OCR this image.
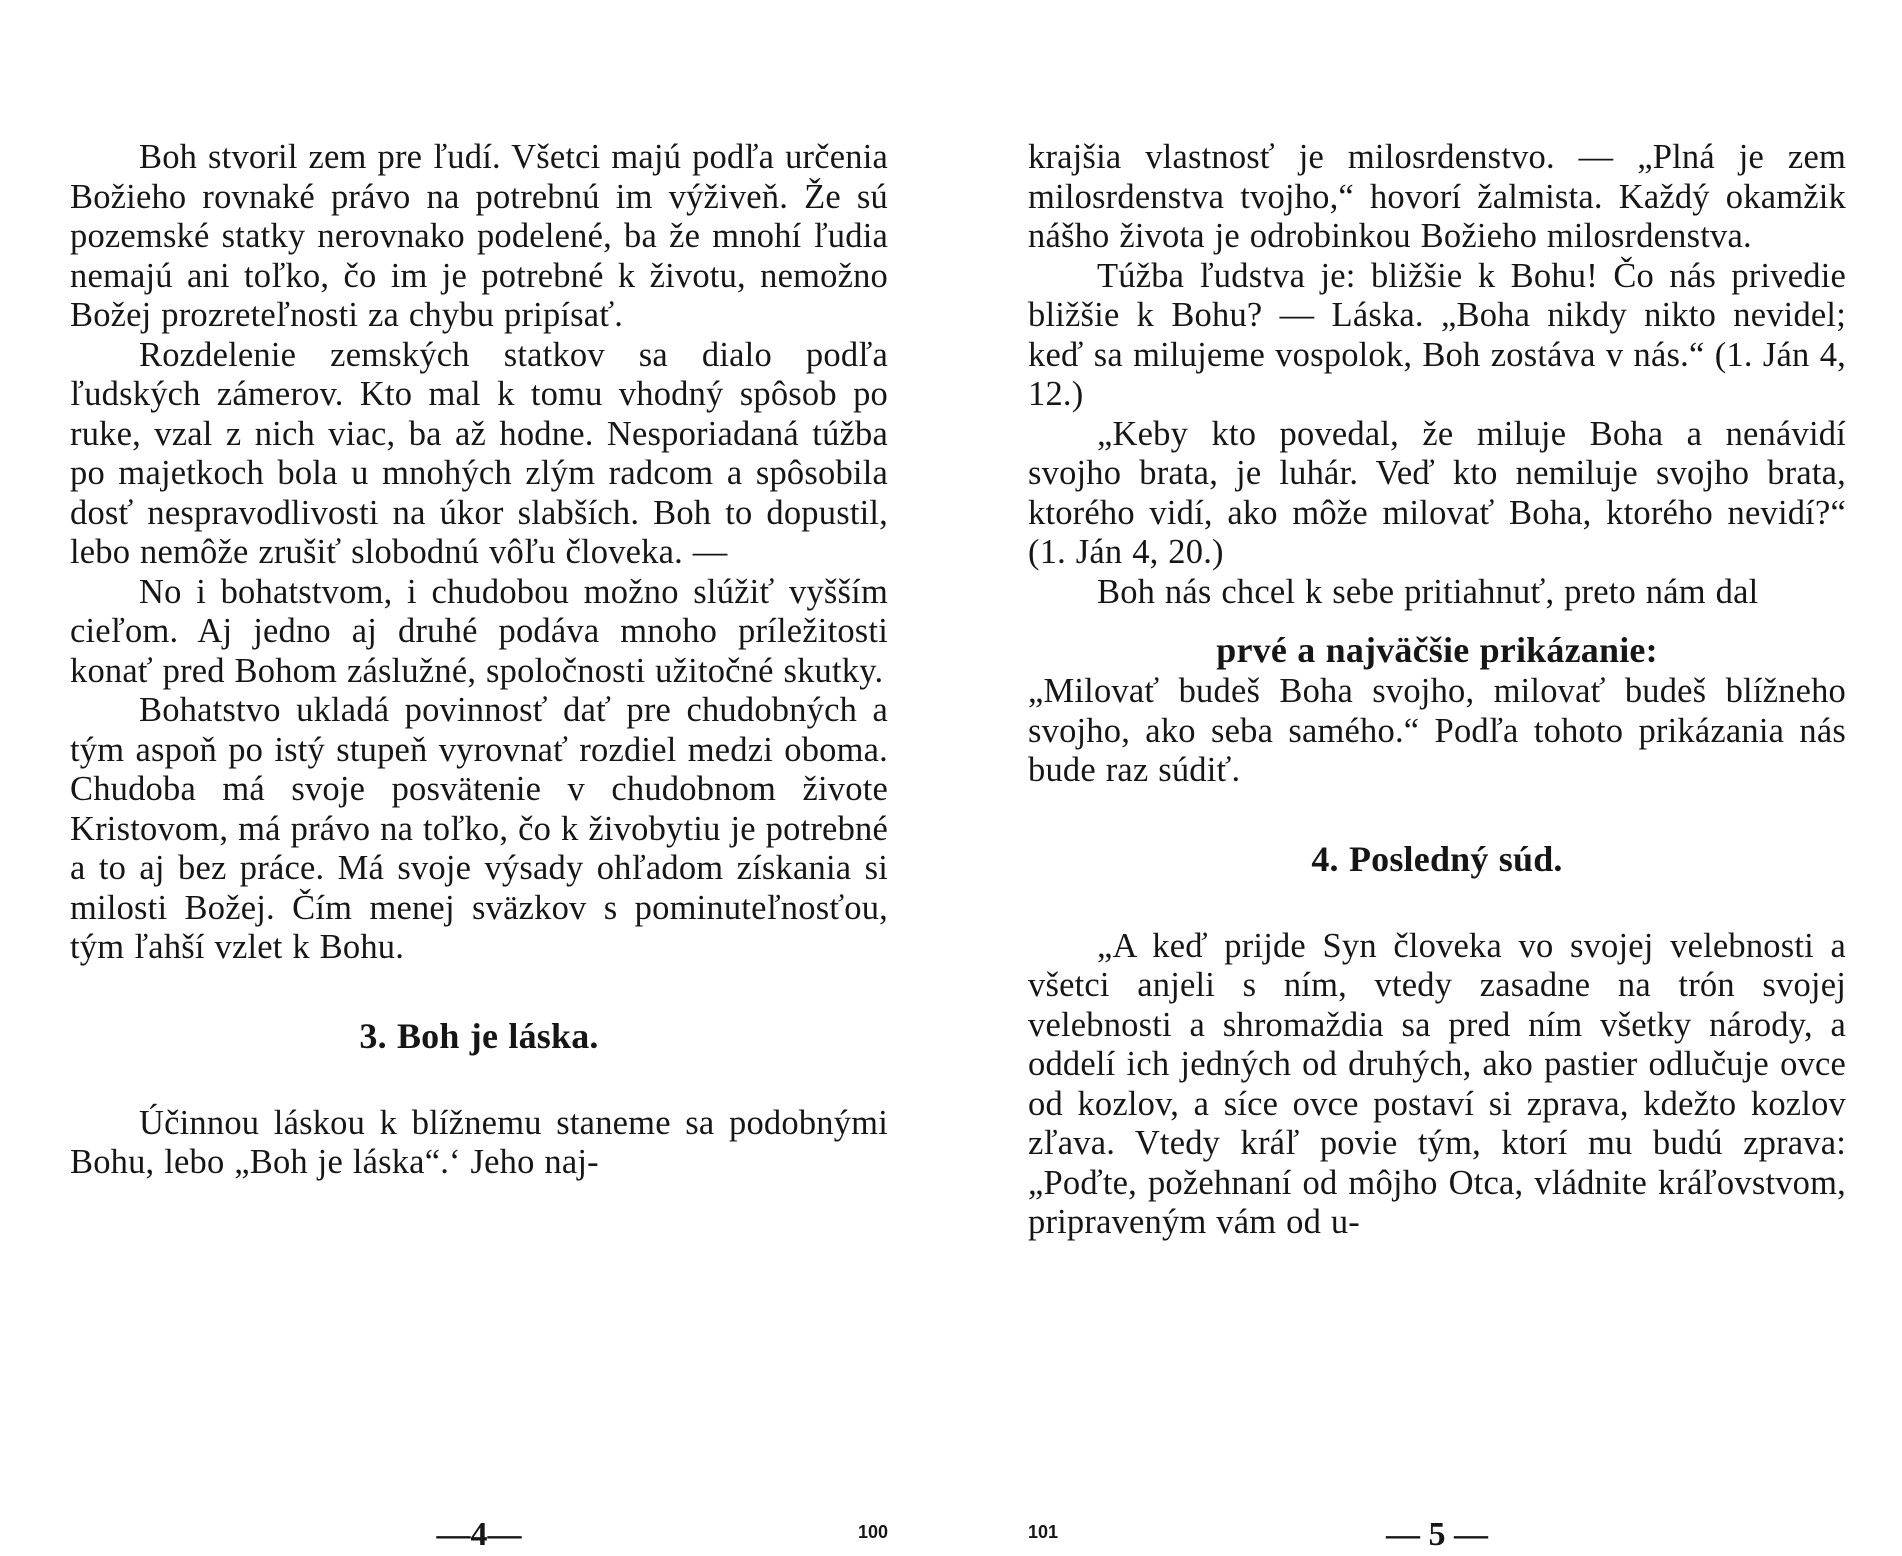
Boh stvoril zem pre ľudí. Všetci majú podľa určenia Božieho rovnaké právo na potrebnú im výživeň. Že sú pozemské statky nerovnako podelené, ba že mnohí ľudia nemajú ani toľko, čo im je potrebné k životu, nemožno Božej prozreteľnosti za chybu pripísať.

Rozdelenie zemských statkov sa dialo podľa ľudských zámerov. Kto mal k tomu vhodný spôsob po ruke, vzal z nich viac, ba až hodne. Nesporiadaná túžba po majetkoch bola u mnohých zlým radcom a spôsobila dosť nespravodlivosti na úkor slabších. Boh to dopustil, lebo nemôže zrušiť slobodnú vôľu človeka. —

No i bohatstvom, i chudobou možno slúžiť vyšším cieľom. Aj jedno aj druhé podáva mnoho príležitosti konať pred Bohom záslužné, spoločnosti užitočné skutky.

Bohatstvo ukladá povinnosť dať pre chudobných a tým aspoň po istý stupeň vyrovnať rozdiel medzi oboma. Chudoba má svoje posvätenie v chudobnom živote Kristovom, má právo na toľko, čo k živobytiu je potrebné a to aj bez práce. Má svoje výsady ohľadom získania si milosti Božej. Čím menej sväzkov s pominuteľnosťou, tým ľahší vzlet k Bohu.

3. Boh je láska.

Účinnou láskou k blížnemu staneme sa podobnými Bohu, lebo „Boh je láska“.‘ Jeho naj-

—4—	100

krajšia vlastnosť je milosrdenstvo. — „Plná je zem milosrdenstva tvojho,“ hovorí žalmista. Každý okamžik nášho života je odrobinkou Božieho milosrdenstva.

Túžba ľudstva je: bližšie k Bohu! Čo nás privedie bližšie k Bohu? — Láska. „Boha nikdy nikto nevidel; keď sa milujeme vospolok, Boh zostáva v nás.“ (1. Ján 4, 12.)

„Keby kto povedal, že miluje Boha a nenávidí svojho brata, je luhár. Veď kto nemiluje svojho brata, ktorého vidí, ako môže milovať Boha, ktorého nevidí?“ (1. Ján 4, 20.)

Boh nás chcel k sebe pritiahnuť, preto nám dal

prvé a najväčšie prikázanie:

„Milovať budeš Boha svojho, milovať budeš blížneho svojho, ako seba samého.“ Podľa tohoto prikázania nás bude raz súdiť.

4. Posledný súd.

„A keď prijde Syn človeka vo svojej velebnosti a všetci anjeli s ním, vtedy zasadne na trón svojej velebnosti a shromaždia sa pred ním všetky národy, a oddelí ich jedných od druhých, ako pastier odlučuje ovce od kozlov, a síce ovce postaví si zprava, kdežto kozlov zľava. Vtedy kráľ povie tým, ktorí mu budú zprava: „Poďte, požehnaní od môjho Otca, vládnite kráľovstvom, pripraveným vám od u-

— 5 —
101
